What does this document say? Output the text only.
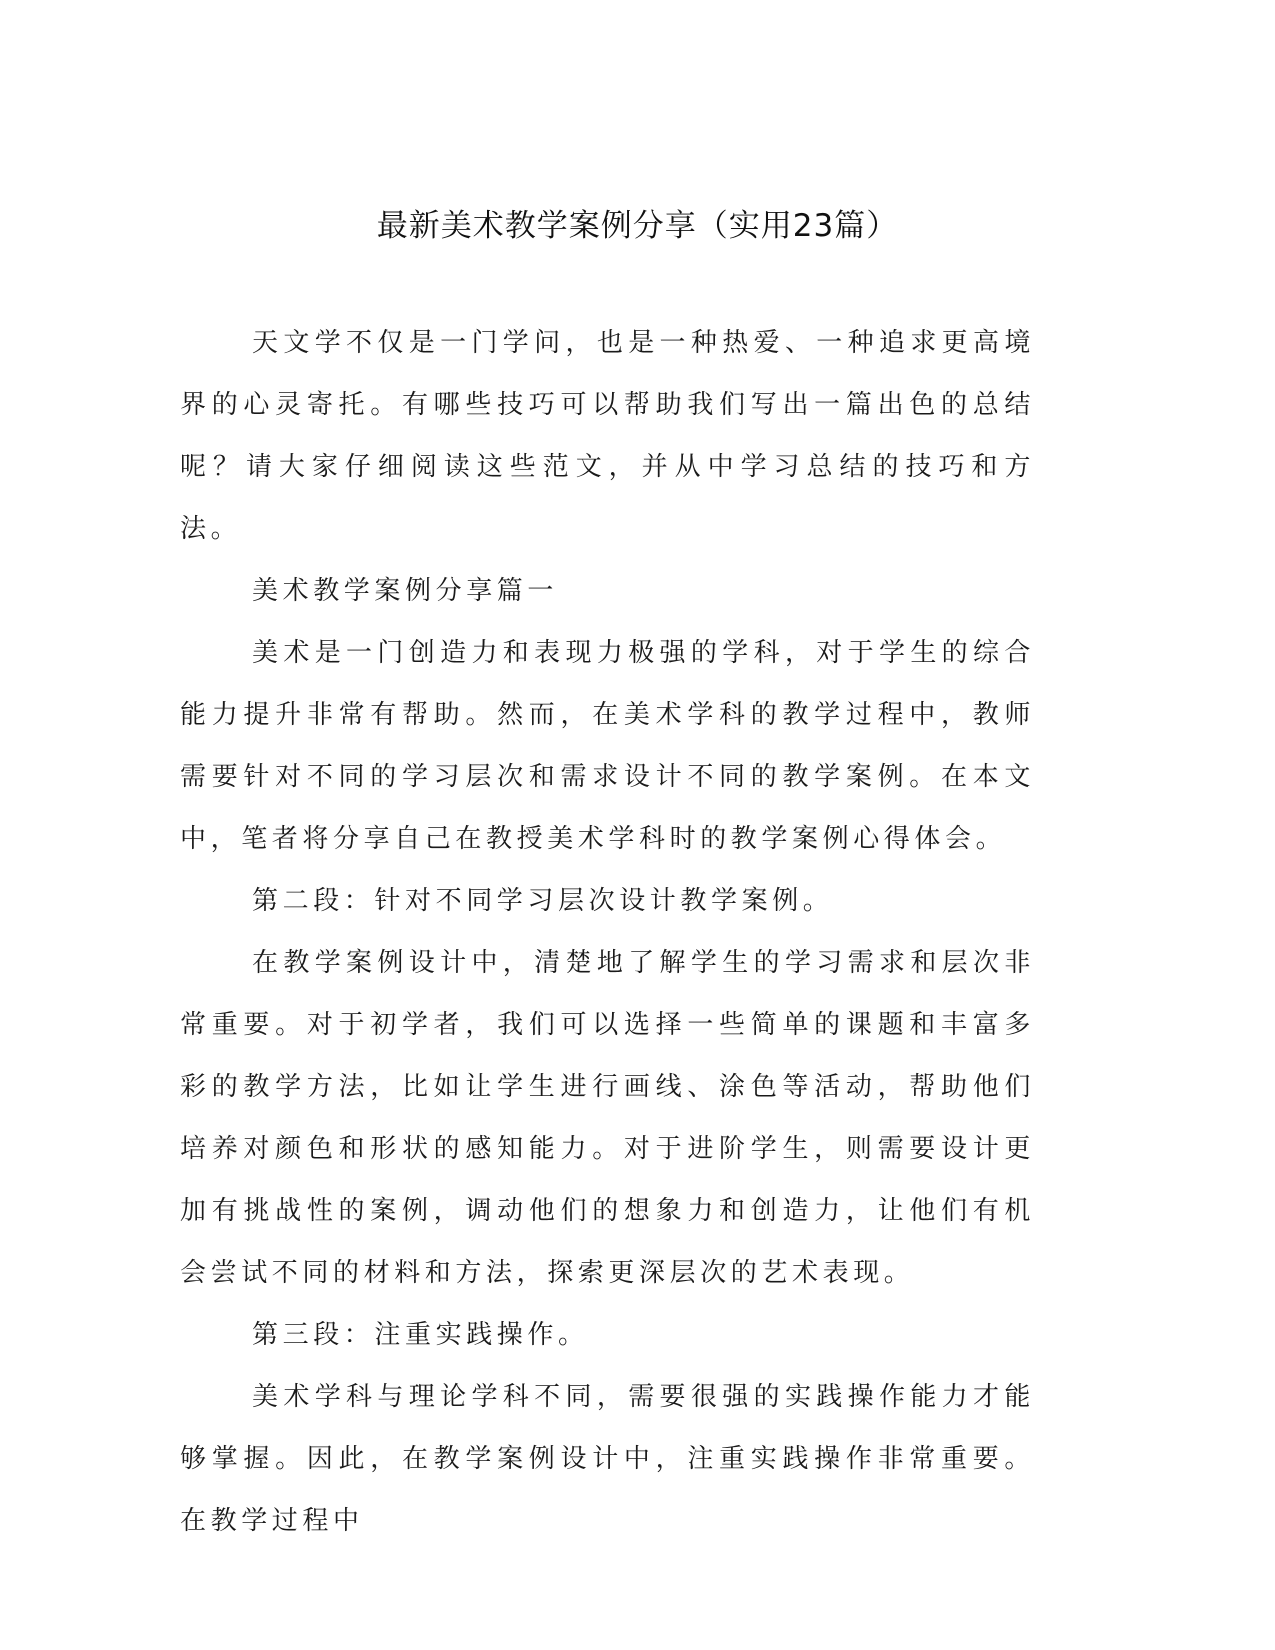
最新美术教学案例分享（实用23篇）

天文学不仅是一门学问，也是一种热爱、一种追求更高境界的心灵寄托。有哪些技巧可以帮助我们写出一篇出色的总结呢？请大家仔细阅读这些范文，并从中学习总结的技巧和方法。

美术教学案例分享篇一

美术是一门创造力和表现力极强的学科，对于学生的综合能力提升非常有帮助。然而，在美术学科的教学过程中，教师需要针对不同的学习层次和需求设计不同的教学案例。在本文中，笔者将分享自己在教授美术学科时的教学案例心得体会。

第二段：针对不同学习层次设计教学案例。

在教学案例设计中，清楚地了解学生的学习需求和层次非常重要。对于初学者，我们可以选择一些简单的课题和丰富多彩的教学方法，比如让学生进行画线、涂色等活动，帮助他们培养对颜色和形状的感知能力。对于进阶学生，则需要设计更加有挑战性的案例，调动他们的想象力和创造力，让他们有机会尝试不同的材料和方法，探索更深层次的艺术表现。

第三段：注重实践操作。

美术学科与理论学科不同，需要很强的实践操作能力才能够掌握。因此，在教学案例设计中，注重实践操作非常重要。在教学过程中
